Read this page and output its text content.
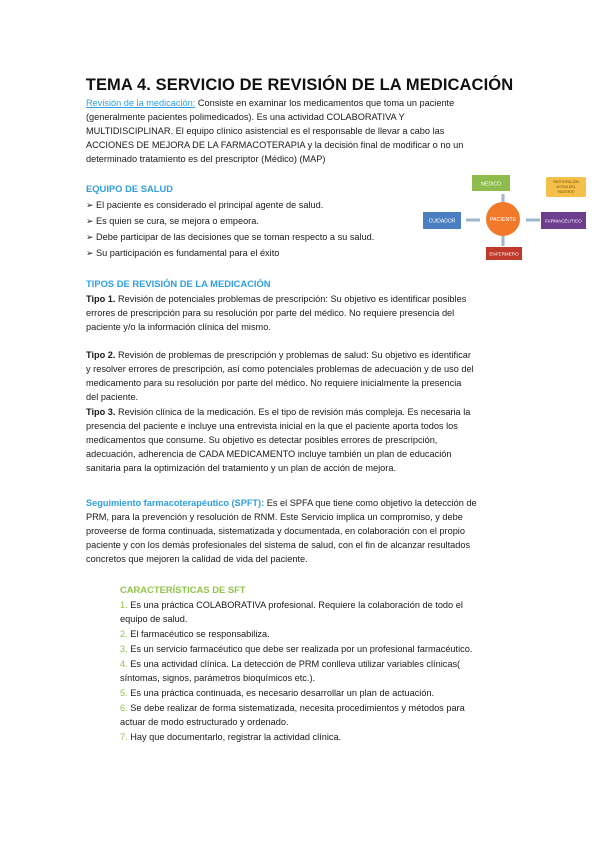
TEMA 4. SERVICIO DE REVISIÓN DE LA MEDICACIÓN

Revisión de la medicación: Consiste en examinar los medicamentos que toma un paciente

(generalmente pacientes polimedicados). Es una actividad COLABORATIVA Y

MULTIDISCIPLINAR. El equipo clínico asistencial es el responsable de llevar a cabo las

ACCIONES DE MEJORA DE LA FARMACOTERAPIA y la decisión final de modificar o no un

determinado tratamiento es del prescriptor (Médico) (MAP)

EQUIPO DE SALUD

➢ El paciente es considerado el principal agente de salud.
➢ Es quien se cura, se mejora o empeora.
➢ Debe participar de las decisiones que se toman respecto a su salud.
➢ Su participación es fundamental para el éxito
MÉDICO
CUIDADOR	FARMACÉUTICO
ENFERMERO
PACIENTE
PARTICIPACIÓN
ACTIVA DEL
PACIENTE

TIPOS DE REVISIÓN DE LA MEDICACIÓN

Tipo 1. Revisión de potenciales problemas de prescripción: Su objetivo es identificar posibles

errores de prescripción para su resolución por parte del médico. No requiere presencia del

paciente y/o la información clínica del mismo.

Tipo 2. Revisión de problemas de prescripción y problemas de salud: Su objetivo es identificar

y resolver errores de prescripción, así como potenciales problemas de adecuación y de uso del

medicamento para su resolución por parte del médico. No requiere inicialmente la presencia

del paciente.

Tipo 3. Revisión clínica de la medicación. Es el tipo de revisión más compleja. Es necesaria la

presencia del paciente e incluye una entrevista inicial en la que el paciente aporta todos los

medicamentos que consume. Su objetivo es detectar posibles errores de prescripción,

adecuación, adherencia de CADA MEDICAMENTO incluye también un plan de educación

sanitaria para la optimización del tratamiento y un plan de acción de mejora.

Seguimiento farmacoterapéutico (SPFT): Es el SPFA que tiene como objetivo la detección de

PRM, para la prevención y resolución de RNM. Este Servicio implica un compromiso, y debe

proveerse de forma continuada, sistematizada y documentada, en colaboración con el propio

paciente y con los demás profesionales del sistema de salud, con el fin de alcanzar resultados

concretos que mejoren la calidad de vida del paciente.

CARACTERÍSTICAS DE SFT

1. Es una práctica COLABORATIVA profesional. Requiere la colaboración de todo el

equipo de salud.

2. El farmacéutico se responsabiliza.

3. Es un servicio farmacéutico que debe ser realizada por un profesional farmacéutico.

4. Es una actividad clínica. La detección de PRM conlleva utilizar variables clínicas(

síntomas, signos, parámetros bioquímicos etc.).

5. Es una práctica continuada, es necesario desarrollar un plan de actuación.

6. Se debe realizar de forma sistematizada, necesita procedimientos y métodos para

actuar de modo estructurado y ordenado.

7. Hay que documentarlo, registrar la actividad clínica.
